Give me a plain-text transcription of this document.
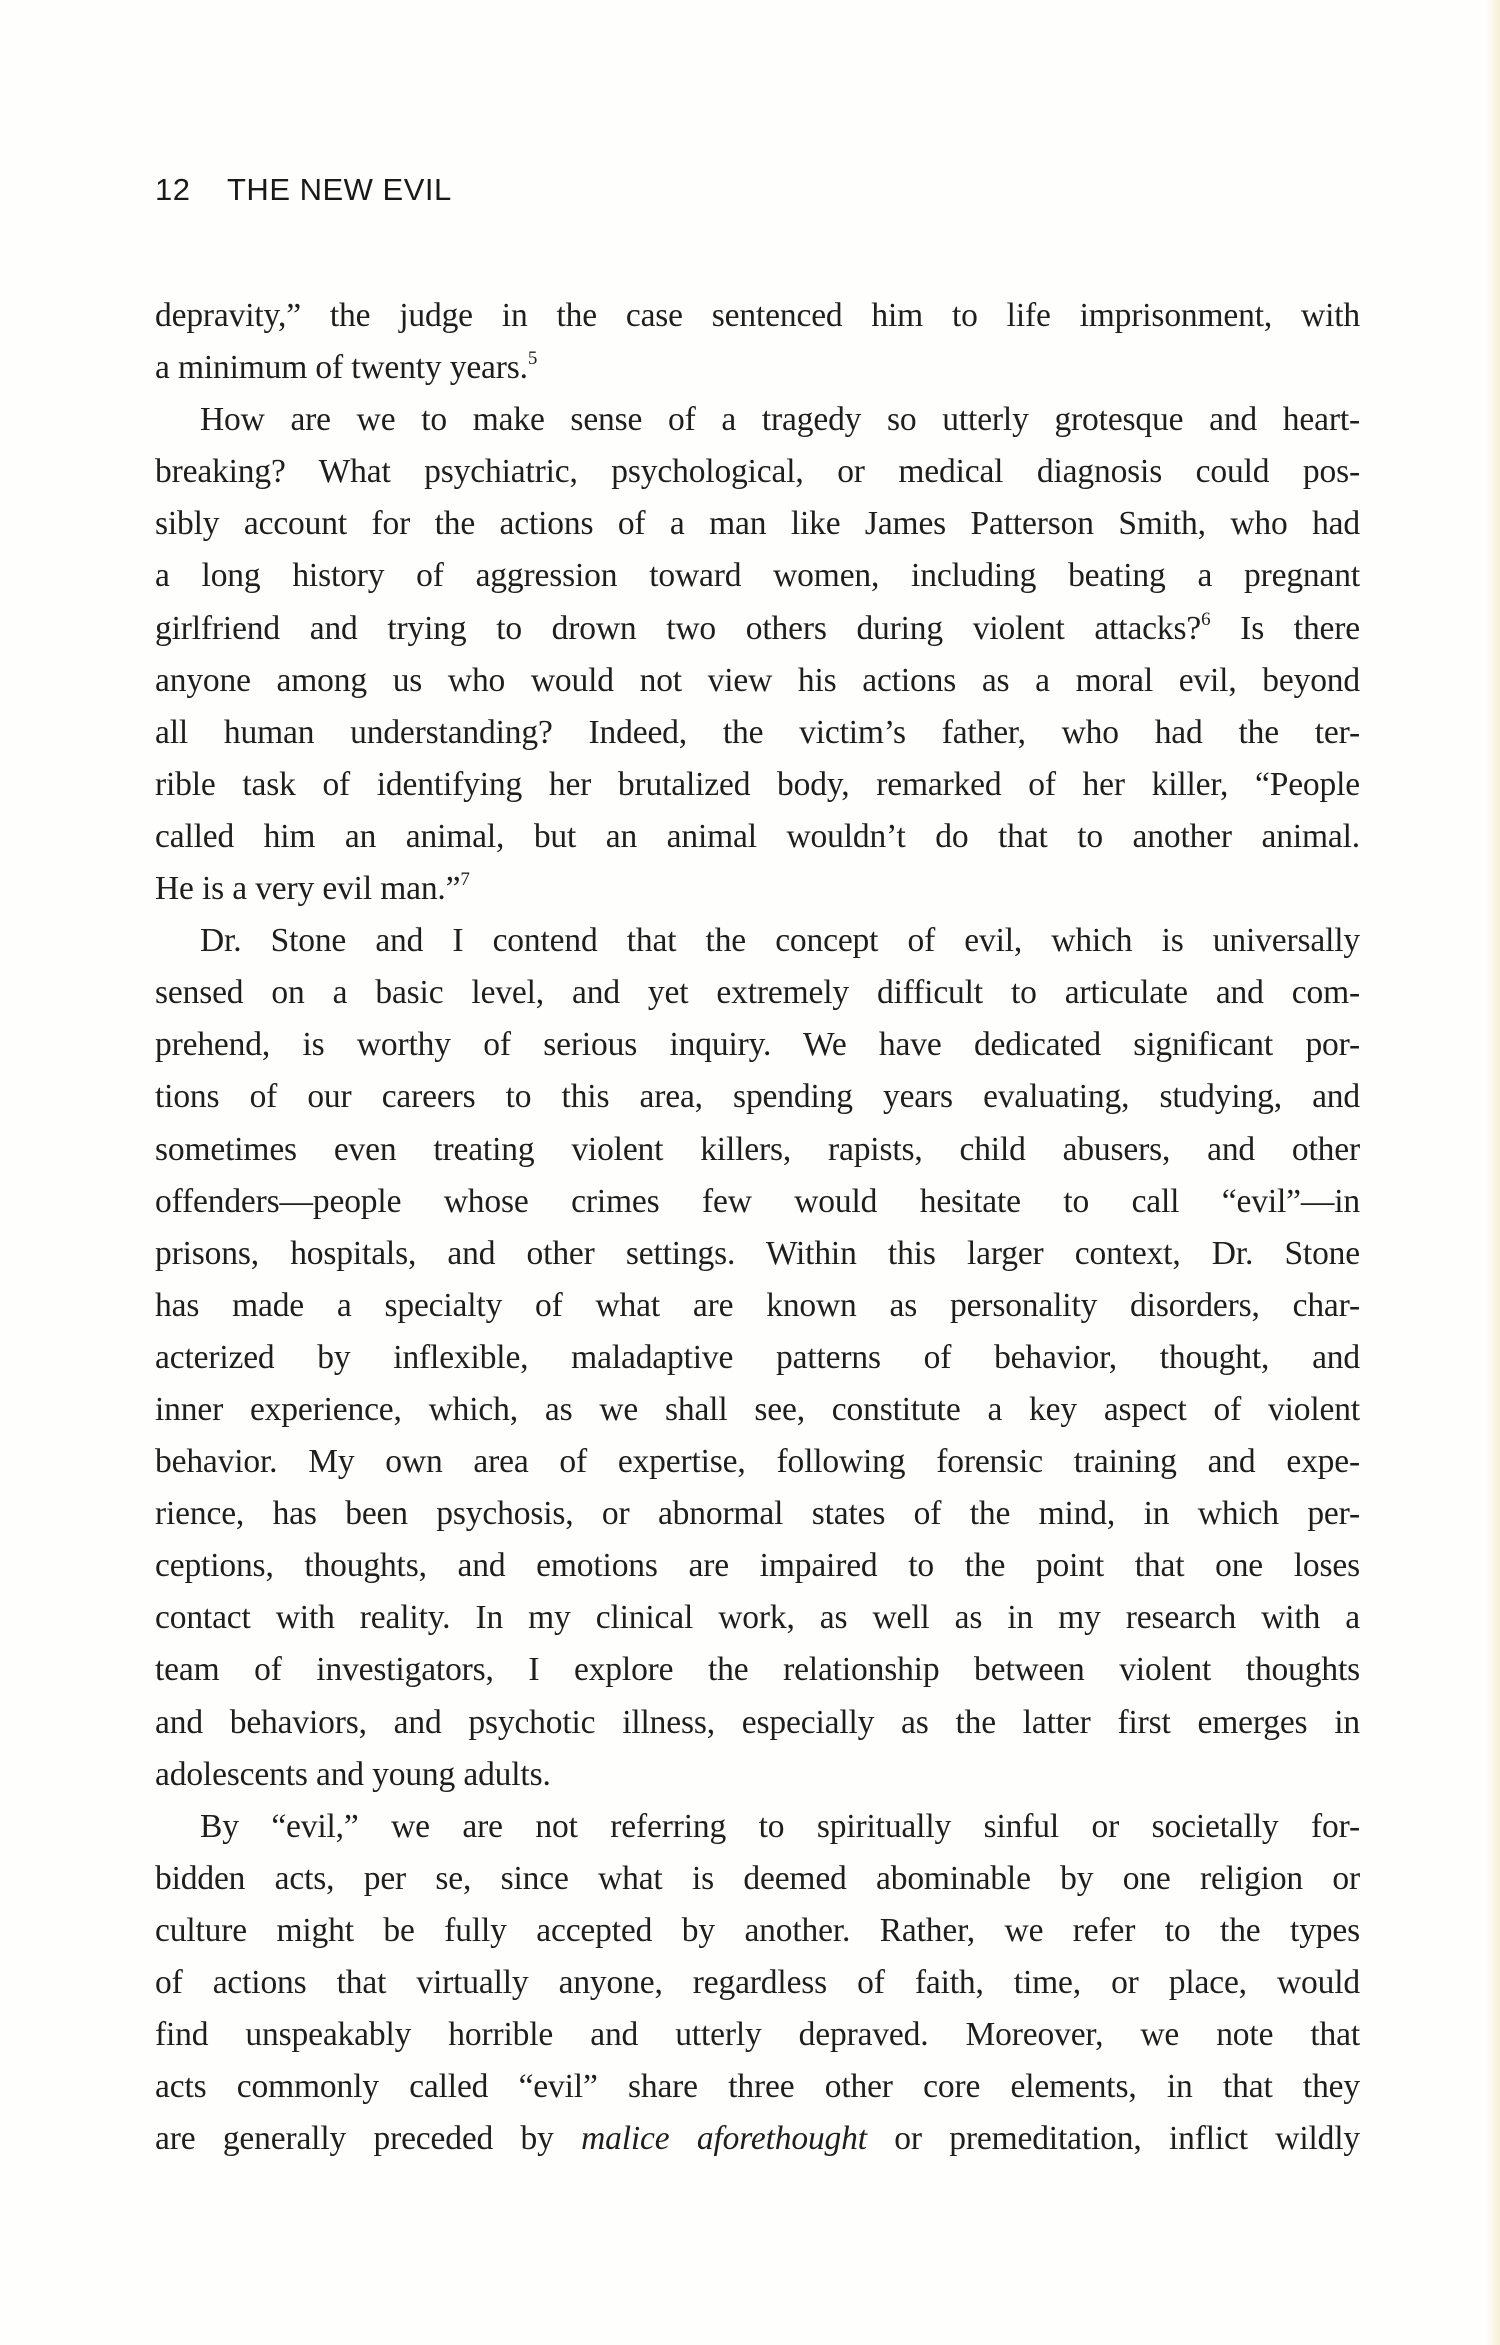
12 THE NEW EVIL
depravity,” the judge in the case sentenced him to life imprisonment, with
a minimum of twenty years.$^5$
How are we to make sense of a tragedy so utterly grotesque and heart-
breaking? What psychiatric, psychological, or medical diagnosis could pos-
sibly account for the actions of a man like James Patterson Smith, who had
a long history of aggression toward women, including beating a pregnant
girlfriend and trying to drown two others during violent attacks?$^6$ Is there
anyone among us who would not view his actions as a moral evil, beyond
all human understanding? Indeed, the victim’s father, who had the ter-
rible task of identifying her brutalized body, remarked of her killer, “People
called him an animal, but an animal wouldn’t do that to another animal.
He is a very evil man.”$^7$
Dr. Stone and I contend that the concept of evil, which is universally
sensed on a basic level, and yet extremely difficult to articulate and com-
prehend, is worthy of serious inquiry. We have dedicated significant por-
tions of our careers to this area, spending years evaluating, studying, and
sometimes even treating violent killers, rapists, child abusers, and other
offenders—people whose crimes few would hesitate to call “evil”—in
prisons, hospitals, and other settings. Within this larger context, Dr. Stone
has made a specialty of what are known as personality disorders, char-
acterized by inflexible, maladaptive patterns of behavior, thought, and
inner experience, which, as we shall see, constitute a key aspect of violent
behavior. My own area of expertise, following forensic training and expe-
rience, has been psychosis, or abnormal states of the mind, in which per-
ceptions, thoughts, and emotions are impaired to the point that one loses
contact with reality. In my clinical work, as well as in my research with a
team of investigators, I explore the relationship between violent thoughts
and behaviors, and psychotic illness, especially as the latter first emerges in
adolescents and young adults.
By “evil,” we are not referring to spiritually sinful or societally for-
bidden acts, per se, since what is deemed abominable by one religion or
culture might be fully accepted by another. Rather, we refer to the types
of actions that virtually anyone, regardless of faith, time, or place, would
find unspeakably horrible and utterly depraved. Moreover, we note that
acts commonly called “evil” share three other core elements, in that they
are generally preceded by malice aforethought or premeditation, inflict wildly
